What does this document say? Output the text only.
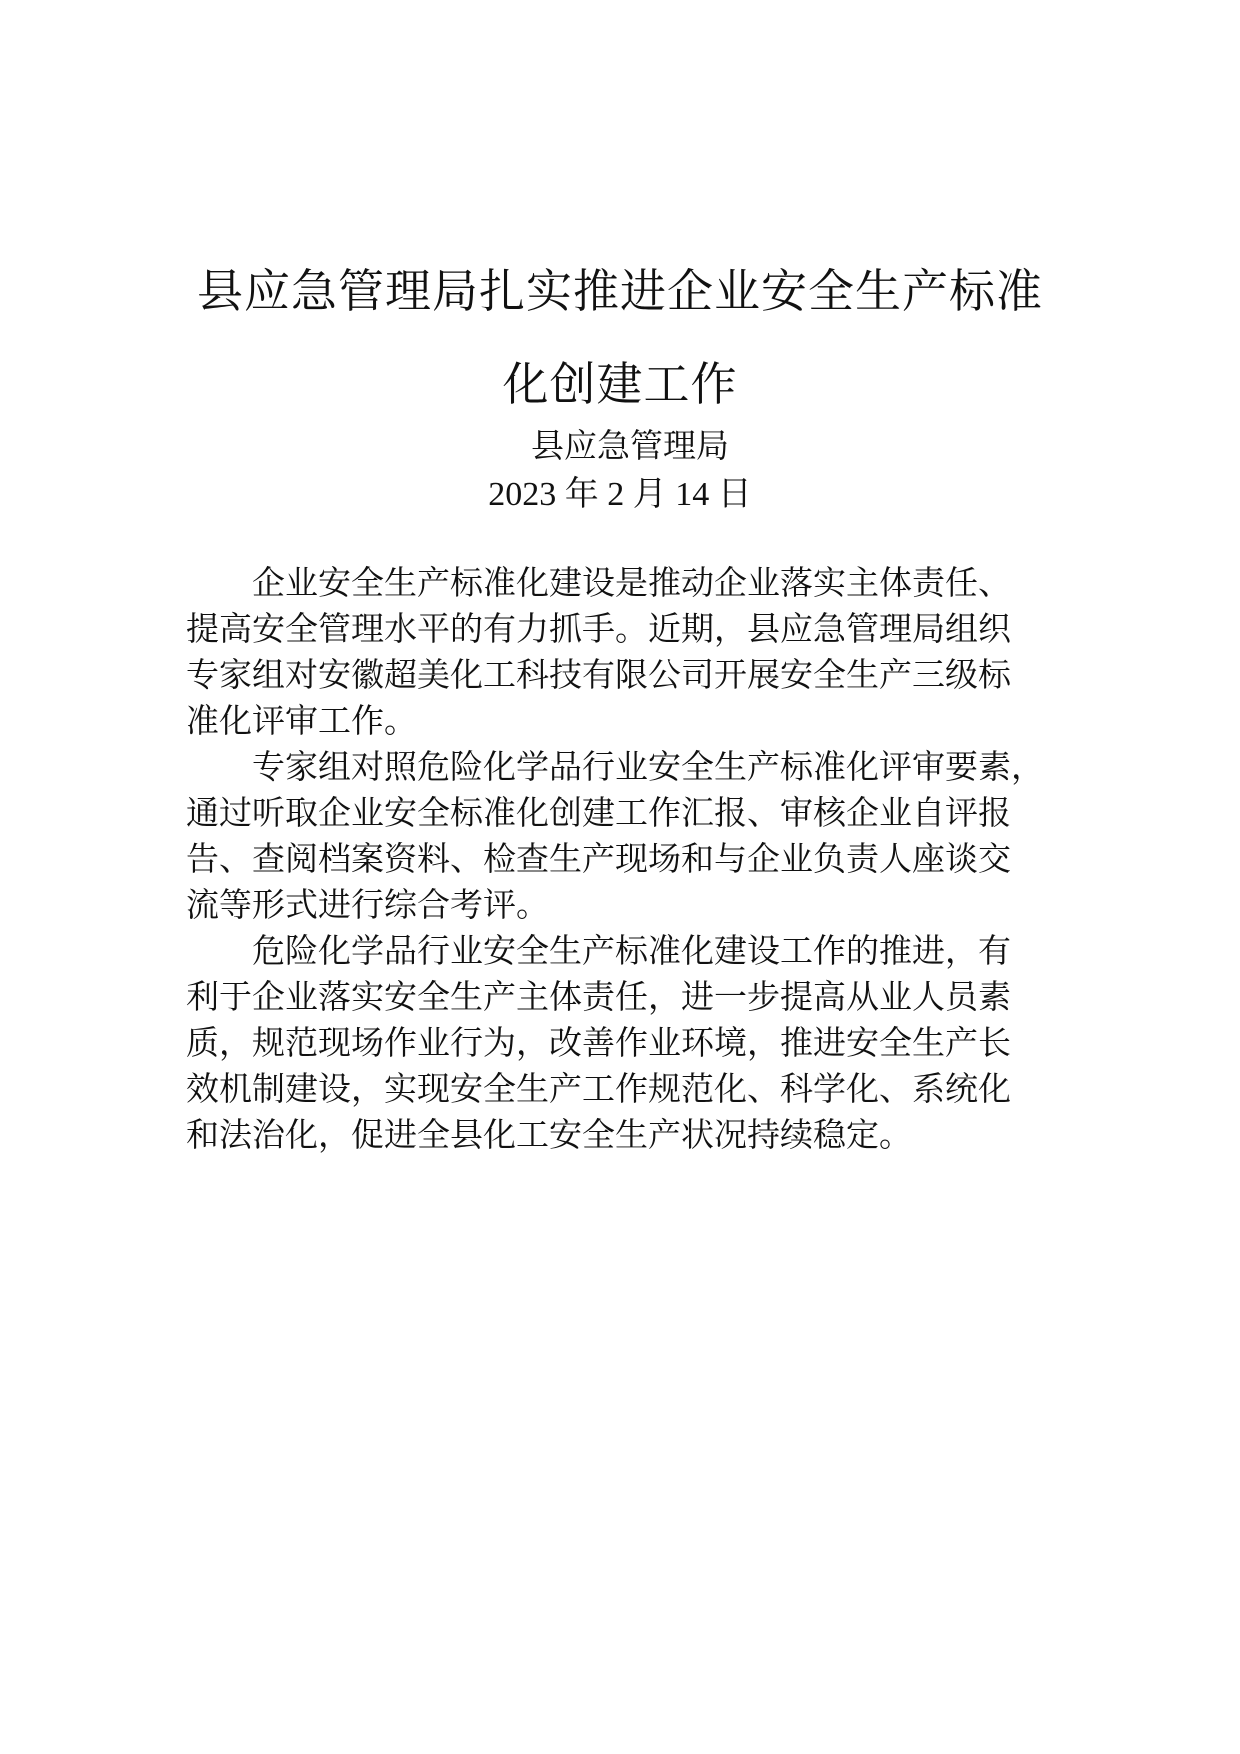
县应急管理局扎实推进企业安全生产标准
化创建工作
县应急管理局
2023 年 2 月 14 日

企业安全生产标准化建设是推动企业落实主体责任、
提高安全管理水平的有力抓手。近期，县应急管理局组织
专家组对安徽超美化工科技有限公司开展安全生产三级标
准化评审工作。

专家组对照危险化学品行业安全生产标准化评审要素，
通过听取企业安全标准化创建工作汇报、审核企业自评报
告、查阅档案资料、检查生产现场和与企业负责人座谈交
流等形式进行综合考评。

危险化学品行业安全生产标准化建设工作的推进，有
利于企业落实安全生产主体责任，进一步提高从业人员素
质，规范现场作业行为，改善作业环境，推进安全生产长
效机制建设，实现安全生产工作规范化、科学化、系统化
和法治化，促进全县化工安全生产状况持续稳定。
